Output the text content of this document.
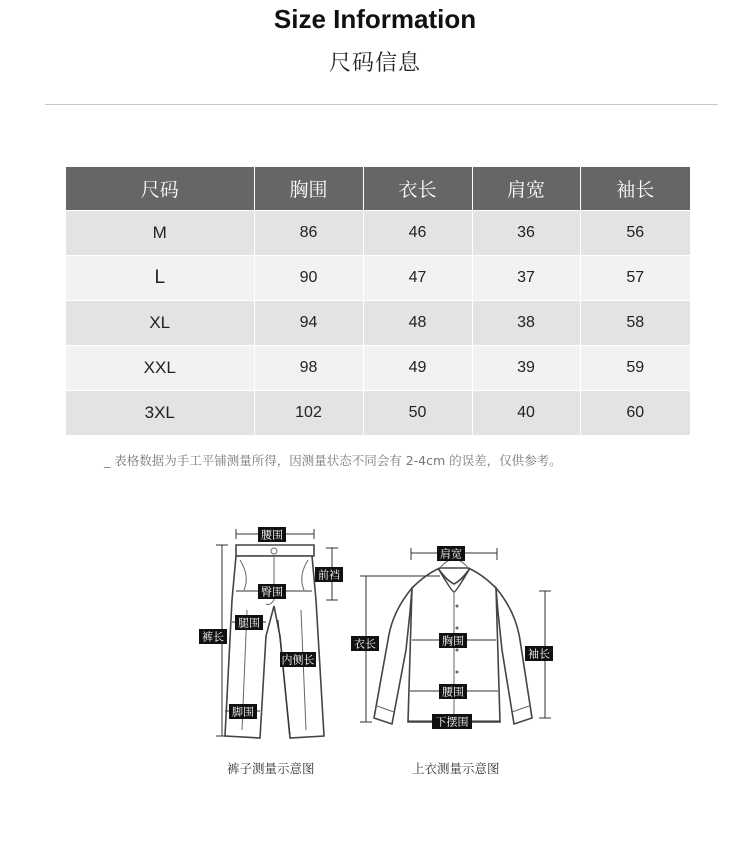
Size Information
尺码信息
尺码	胸围	衣长	肩宽	袖长
M	86	46	36	56
L	90	47	37	57
XL	94	48	38	58
XXL	98	49	39	59
3XL	102	50	40	60
_ 表格数据为手工平铺测量所得，因测量状态不同会有 2-4cm 的误差，仅供参考。
腰围
前裆
臀围
腿围
裤长
内侧长
脚围
肩宽
衣长	胸围
袖长
腰围
下摆围
裤子测量示意图	上衣测量示意图
